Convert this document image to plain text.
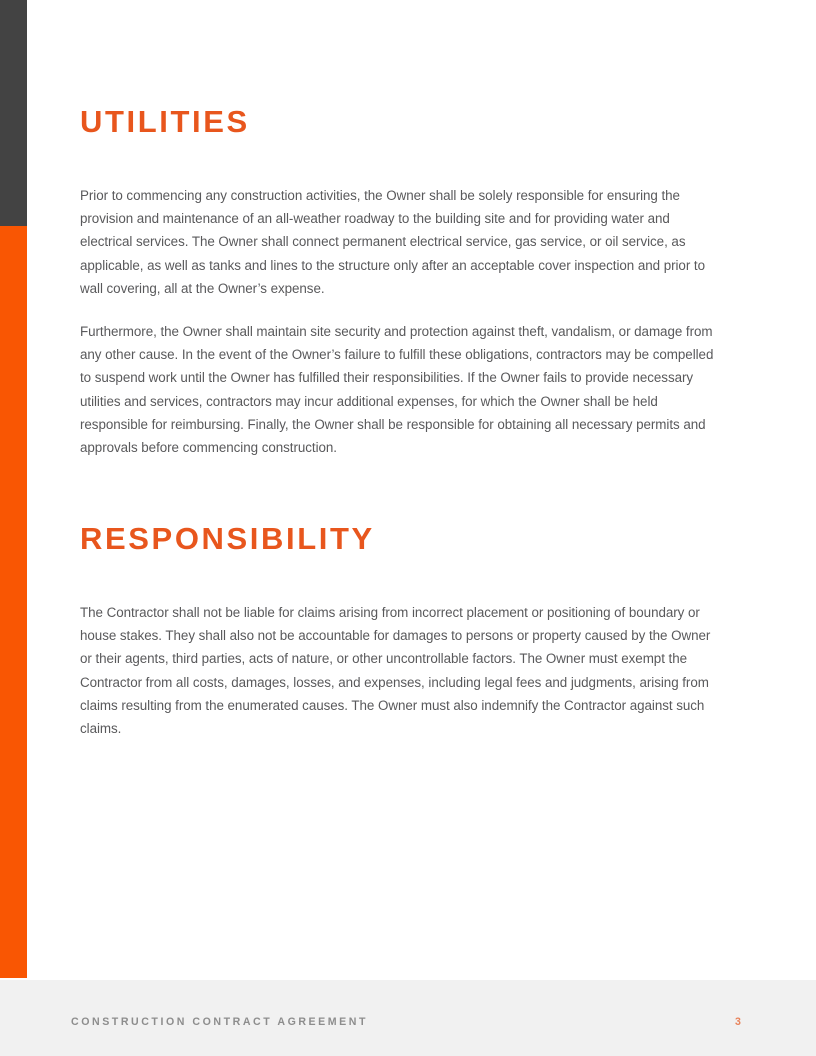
UTILITIES

Prior to commencing any construction activities, the Owner shall be solely responsible for ensuring the provision and maintenance of an all-weather roadway to the building site and for providing water and electrical services. The Owner shall connect permanent electrical service, gas service, or oil service, as applicable, as well as tanks and lines to the structure only after an acceptable cover inspection and prior to wall covering, all at the Owner’s expense.

Furthermore, the Owner shall maintain site security and protection against theft, vandalism, or damage from any other cause. In the event of the Owner’s failure to fulfill these obligations, contractors may be compelled to suspend work until the Owner has fulfilled their responsibilities. If the Owner fails to provide necessary utilities and services, contractors may incur additional expenses, for which the Owner shall be held responsible for reimbursing. Finally, the Owner shall be responsible for obtaining all necessary permits and approvals before commencing construction.

RESPONSIBILITY

The Contractor shall not be liable for claims arising from incorrect placement or positioning of boundary or house stakes. They shall also not be accountable for damages to persons or property caused by the Owner or their agents, third parties, acts of nature, or other uncontrollable factors. The Owner must exempt the Contractor from all costs, damages, losses, and expenses, including legal fees and judgments, arising from claims resulting from the enumerated causes. The Owner must also indemnify the Contractor against such claims.

CONSTRUCTION CONTRACT AGREEMENT	3
